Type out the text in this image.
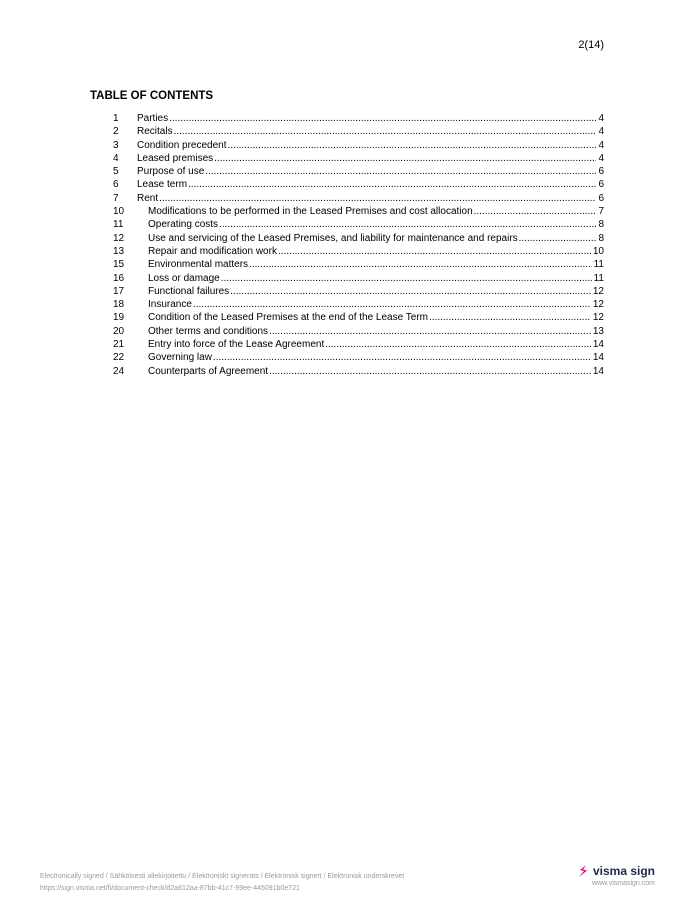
2(14)
TABLE OF CONTENTS
1	Parties .....	4
2	Recitals .....	4
3	Condition precedent .....	4
4	Leased premises .....	4
5	Purpose of use .....	6
6	Lease term .....	6
7	Rent .....	6
10	Modifications to be performed in the Leased Premises and cost allocation .....	7
11	Operating costs .....	8
12	Use and servicing of the Leased Premises, and liability for maintenance and repairs .....	8
13	Repair and modification work .....	10
15	Environmental matters .....	11
16	Loss or damage .....	11
17	Functional failures .....	12
18	Insurance .....	12
19	Condition of the Leased Premises at the end of the Lease Term .....	12
20	Other terms and conditions .....	13
21	Entry into force of the Lease Agreement .....	14
22	Governing law .....	14
24	Counterparts of Agreement .....	14
Electronically signed / Sähköisesti allekirjoitettu / Elektroniskt signerats / Elektronisk signert / Elektronisk underskrevet
https://sign.visma.net/fi/document-check/d2a812aa-87bb-41c7-99ee-445091b0e721
visma sign
www.vismasign.com
